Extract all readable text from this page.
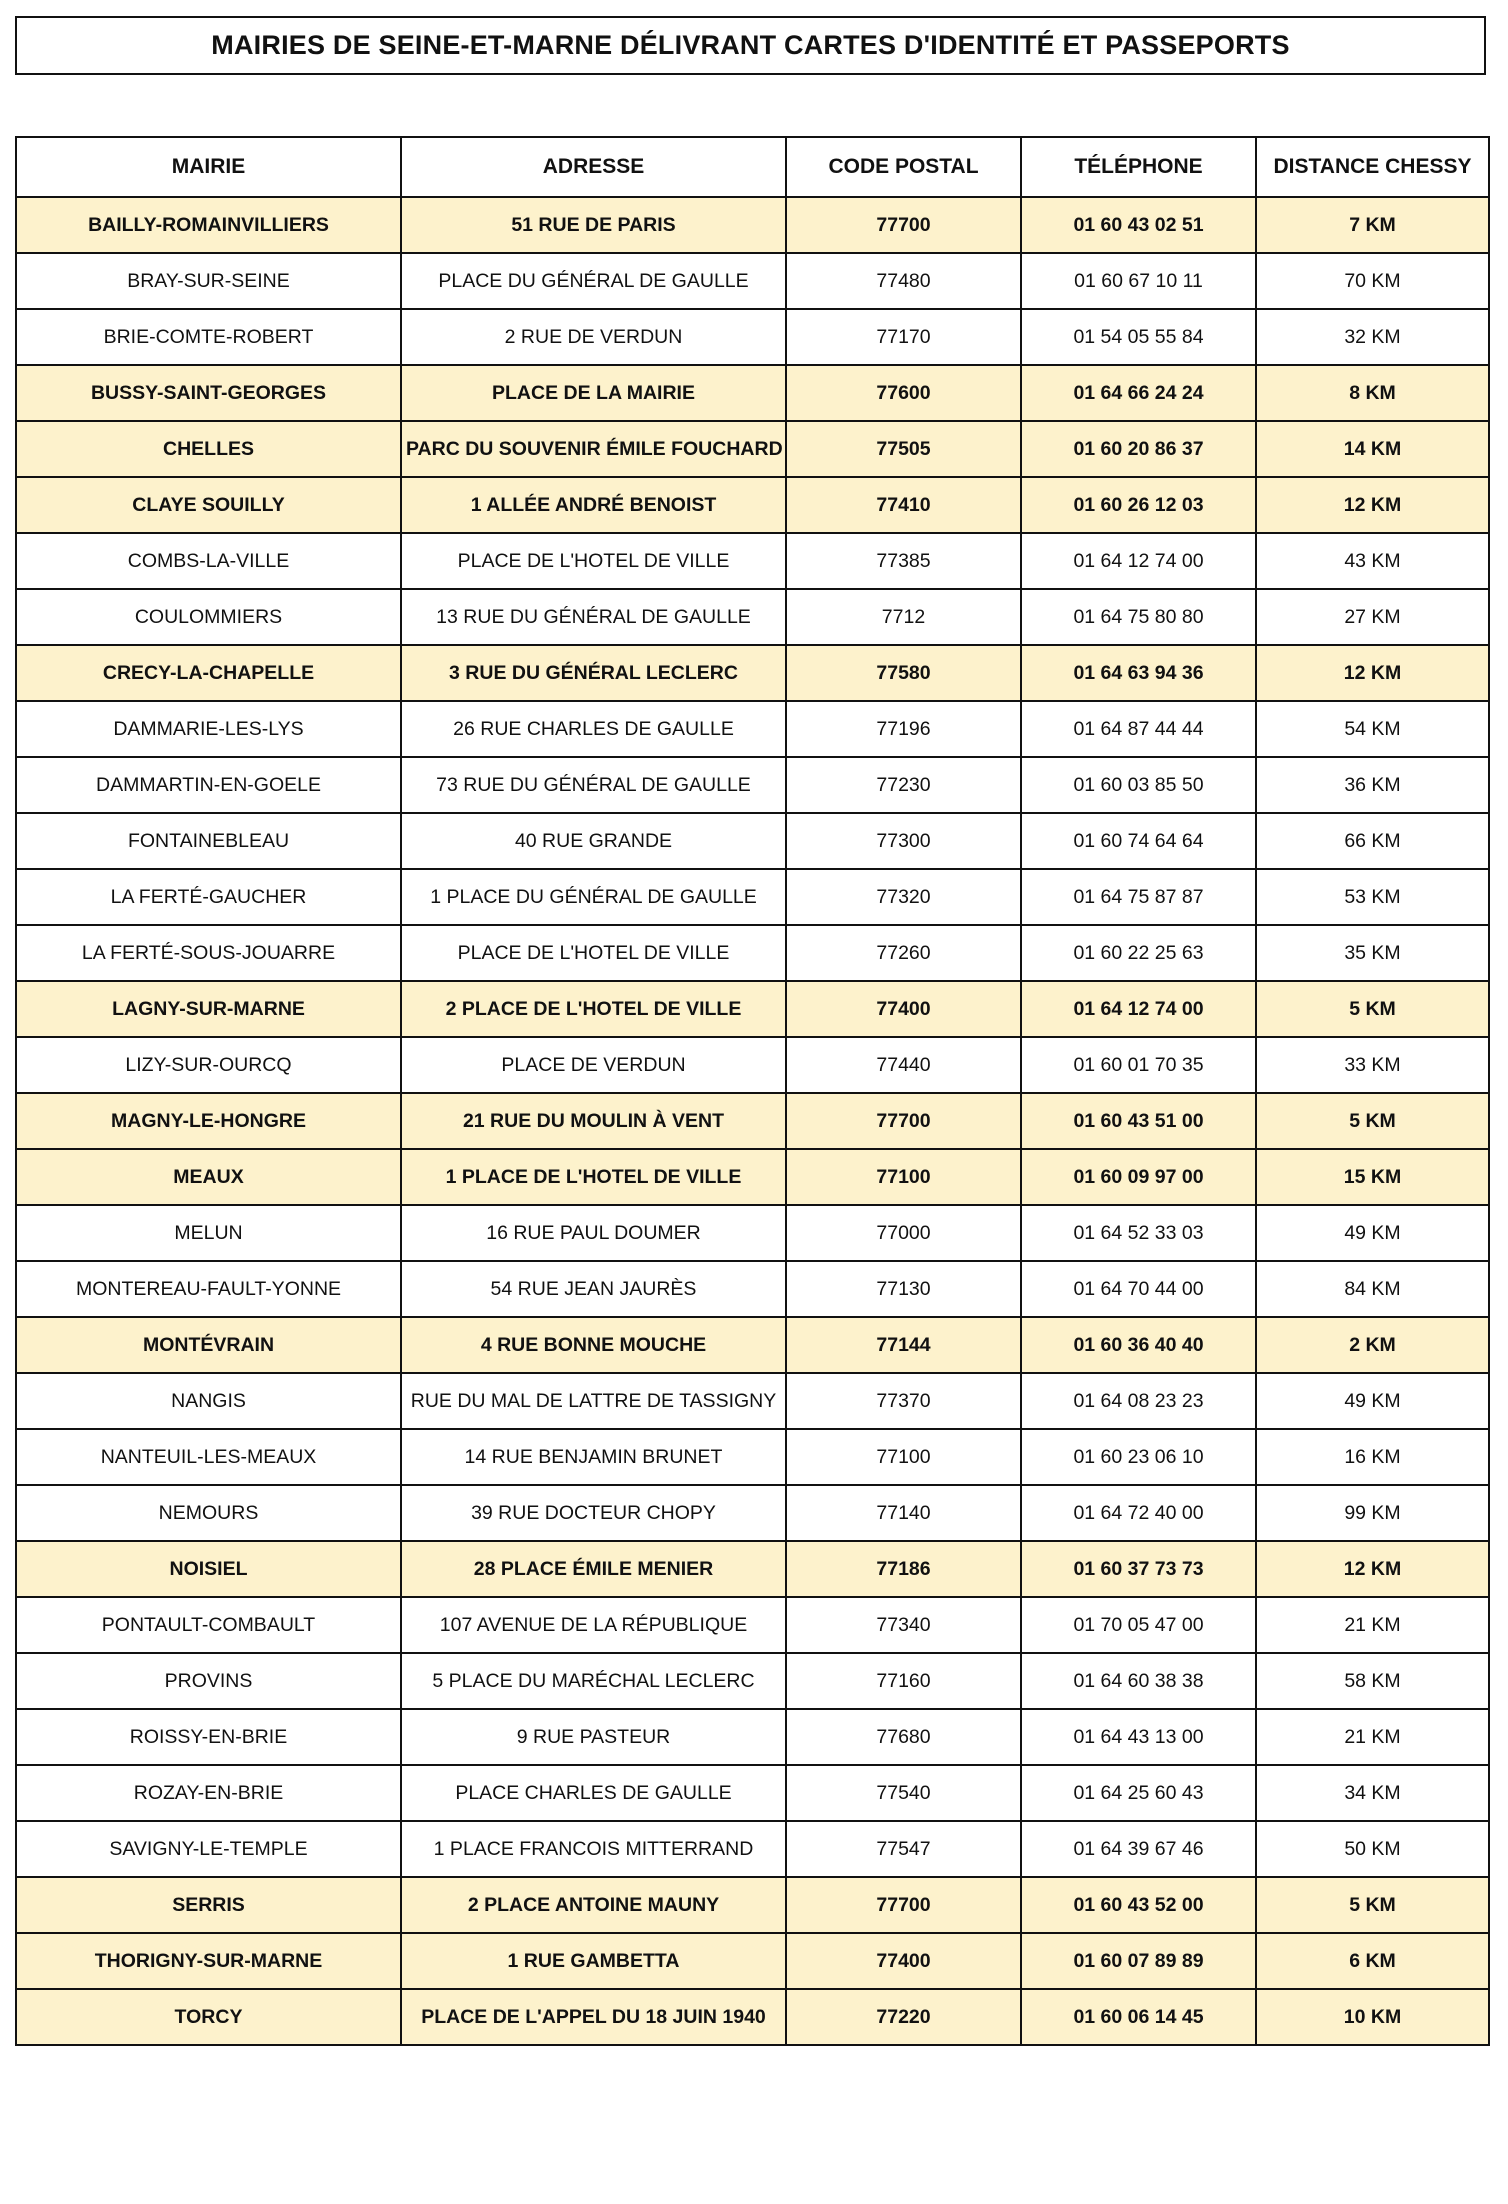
MAIRIES DE SEINE-ET-MARNE DÉLIVRANT CARTES D'IDENTITÉ ET PASSEPORTS
MAIRIE	ADRESSE	CODE POSTAL	TÉLÉPHONE	DISTANCE CHESSY
BAILLY-ROMAINVILLIERS	51 RUE DE PARIS	77700	01 60 43 02 51	7 KM
BRAY-SUR-SEINE	PLACE DU GÉNÉRAL DE GAULLE	77480	01 60 67 10 11	70 KM
BRIE-COMTE-ROBERT	2 RUE DE VERDUN	77170	01 54 05 55 84	32 KM
BUSSY-SAINT-GEORGES	PLACE DE LA MAIRIE	77600	01 64 66 24 24	8 KM
CHELLES	PARC DU SOUVENIR ÉMILE FOUCHARD	77505	01 60 20 86 37	14 KM
CLAYE SOUILLY	1 ALLÉE ANDRÉ BENOIST	77410	01 60 26 12 03	12 KM
COMBS-LA-VILLE	PLACE DE L'HOTEL DE VILLE	77385	01 64 12 74 00	43 KM
COULOMMIERS	13 RUE DU GÉNÉRAL DE GAULLE	7712	01 64 75 80 80	27 KM
CRECY-LA-CHAPELLE	3 RUE DU GÉNÉRAL LECLERC	77580	01 64 63 94 36	12 KM
DAMMARIE-LES-LYS	26 RUE CHARLES DE GAULLE	77196	01 64 87 44 44	54 KM
DAMMARTIN-EN-GOELE	73 RUE DU GÉNÉRAL DE GAULLE	77230	01 60 03 85 50	36 KM
FONTAINEBLEAU	40 RUE GRANDE	77300	01 60 74 64 64	66 KM
LA FERTÉ-GAUCHER	1 PLACE DU GÉNÉRAL DE GAULLE	77320	01 64 75 87 87	53 KM
LA FERTÉ-SOUS-JOUARRE	PLACE DE L'HOTEL DE VILLE	77260	01 60 22 25 63	35 KM
LAGNY-SUR-MARNE	2 PLACE DE L'HOTEL DE VILLE	77400	01 64 12 74 00	5 KM
LIZY-SUR-OURCQ	PLACE DE VERDUN	77440	01 60 01 70 35	33 KM
MAGNY-LE-HONGRE	21 RUE DU MOULIN À VENT	77700	01 60 43 51 00	5 KM
MEAUX	1 PLACE DE L'HOTEL DE VILLE	77100	01 60 09 97 00	15 KM
MELUN	16 RUE PAUL DOUMER	77000	01 64 52 33 03	49 KM
MONTEREAU-FAULT-YONNE	54 RUE JEAN JAURÈS	77130	01 64 70 44 00	84 KM
MONTÉVRAIN	4 RUE BONNE MOUCHE	77144	01 60 36 40 40	2 KM
NANGIS	RUE DU MAL DE LATTRE DE TASSIGNY	77370	01 64 08 23 23	49 KM
NANTEUIL-LES-MEAUX	14 RUE BENJAMIN BRUNET	77100	01 60 23 06 10	16 KM
NEMOURS	39 RUE DOCTEUR CHOPY	77140	01 64 72 40 00	99 KM
NOISIEL	28 PLACE ÉMILE MENIER	77186	01 60 37 73 73	12 KM
PONTAULT-COMBAULT	107 AVENUE DE LA RÉPUBLIQUE	77340	01 70 05 47 00	21 KM
PROVINS	5 PLACE DU MARÉCHAL LECLERC	77160	01 64 60 38 38	58 KM
ROISSY-EN-BRIE	9 RUE PASTEUR	77680	01 64 43 13 00	21 KM
ROZAY-EN-BRIE	PLACE CHARLES DE GAULLE	77540	01 64 25 60 43	34 KM
SAVIGNY-LE-TEMPLE	1 PLACE FRANCOIS MITTERRAND	77547	01 64 39 67 46	50 KM
SERRIS	2 PLACE ANTOINE MAUNY	77700	01 60 43 52 00	5 KM
THORIGNY-SUR-MARNE	1 RUE GAMBETTA	77400	01 60 07 89 89	6 KM
TORCY	PLACE DE L'APPEL DU 18 JUIN 1940	77220	01 60 06 14 45	10 KM
